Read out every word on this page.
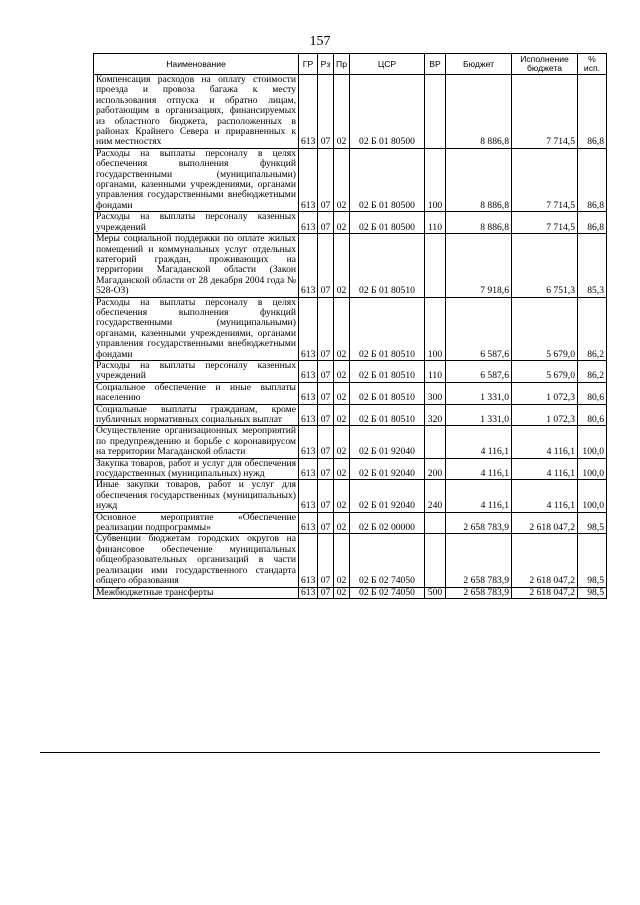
157
Наименование	ГР	Рз	Пр	ЦСР	ВР	Бюджет	Исполнение бюджета	% исп.
Компенсация расходов на оплату стоимости проезда и провоза багажа к месту использования отпуска и обратно лицам, работающим в организациях, финансируемых из областного бюджета, расположенных в районах Крайнего Севера и приравненных к ним местностях	613	07	02	02 Б 01 80500		8 886,8	7 714,5	86,8
Расходы на выплаты персоналу в целях обеспечения выполнения функций государственными (муниципальными) органами, казенными учреждениями, органами управления государственными внебюджетными фондами	613	07	02	02 Б 01 80500	100	8 886,8	7 714,5	86,8
Расходы на выплаты персоналу казенных учреждений	613	07	02	02 Б 01 80500	110	8 886,8	7 714,5	86,8
Меры социальной поддержки по оплате жилых помещений и коммунальных услуг отдельных категорий граждан, проживающих на территории Магаданской области (Закон Магаданской области от 28 декабря 2004 года № 528-ОЗ)	613	07	02	02 Б 01 80510		7 918,6	6 751,3	85,3
Расходы на выплаты персоналу в целях обеспечения выполнения функций государственными (муниципальными) органами, казенными учреждениями, органами управления государственными внебюджетными фондами	613	07	02	02 Б 01 80510	100	6 587,6	5 679,0	86,2
Расходы на выплаты персоналу казенных учреждений	613	07	02	02 Б 01 80510	110	6 587,6	5 679,0	86,2
Социальное обеспечение и иные выплаты населению	613	07	02	02 Б 01 80510	300	1 331,0	1 072,3	80,6
Социальные выплаты гражданам, кроме публичных нормативных социальных выплат	613	07	02	02 Б 01 80510	320	1 331,0	1 072,3	80,6
Осуществление организационных мероприятий по предупреждению и борьбе с коронавирусом на территории Магаданской области	613	07	02	02 Б 01 92040		4 116,1	4 116,1	100,0
Закупка товаров, работ и услуг для обеспечения государственных (муниципальных) нужд	613	07	02	02 Б 01 92040	200	4 116,1	4 116,1	100,0
Иные закупки товаров, работ и услуг для обеспечения государственных (муниципальных) нужд	613	07	02	02 Б 01 92040	240	4 116,1	4 116,1	100,0
Основное мероприятие «Обеспечение реализации подпрограммы»	613	07	02	02 Б 02 00000		2 658 783,9	2 618 047,2	98,5
Субвенции бюджетам городских округов на финансовое обеспечение муниципальных общеобразовательных организаций в части реализации ими государственного стандарта общего образования	613	07	02	02 Б 02 74050		2 658 783,9	2 618 047,2	98,5
Межбюджетные трансферты	613	07	02	02 Б 02 74050	500	2 658 783,9	2 618 047,2	98,5
